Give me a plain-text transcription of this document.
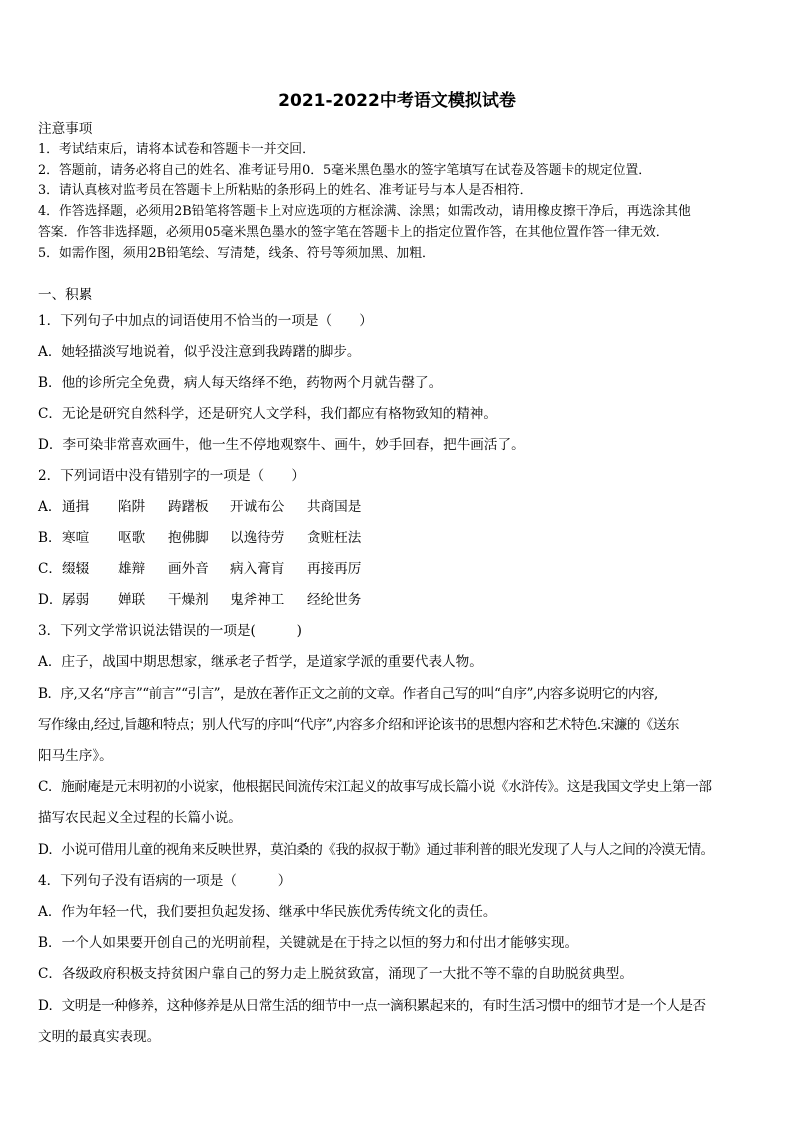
2021-2022中考语文模拟试卷
注意事项
1．考试结束后，请将本试卷和答题卡一并交回．
2．答题前，请务必将自己的姓名、准考证号用0．5毫米黑色墨水的签字笔填写在试卷及答题卡的规定位置．
3．请认真核对监考员在答题卡上所粘贴的条形码上的姓名、准考证号与本人是否相符．
4．作答选择题，必须用2B铅笔将答题卡上对应选项的方框涂满、涂黑；如需改动，请用橡皮擦干净后，再选涂其他
答案．作答非选择题，必须用05毫米黑色墨水的签字笔在答题卡上的指定位置作答，在其他位置作答一律无效．
5．如需作图，须用2B铅笔绘、写清楚，线条、符号等须加黑、加粗．
一、积累
1．下列句子中加点的词语使用不恰当的一项是（　　）
A．她轻描淡写地说着，似乎没注意到我踌躇的脚步。
B．他的诊所完全免费，病人每天络绎不绝，药物两个月就告罄了。
C．无论是研究自然科学，还是研究人文学科，我们都应有格物致知的精神。
D．李可染非常喜欢画牛，他一生不停地观察牛、画牛，妙手回春，把牛画活了。
2．下列词语中没有错别字的一项是（　　）
A． 通揖 陷阱 踌躇板 开诚布公 共商国是
B． 寒喧 呕歌 抱佛脚 以逸待劳 贪赃枉法
C． 缀辍 雄辩 画外音 病入膏肓 再接再厉
D． 孱弱 婵联 干燥剂 鬼斧神工 经纶世务
3．下列文学常识说法错误的一项是(　　　)
A．庄子，战国中期思想家，继承老子哲学，是道家学派的重要代表人物。
B．序,又名“序言”“前言”“引言”，是放在著作正文之前的文章。作者自己写的叫“自序”,内容多说明它的内容,
写作缘由,经过,旨趣和特点；别人代写的序叫“代序”,内容多介绍和评论该书的思想内容和艺术特色.宋濂的《送东
阳马生序》。
C．施耐庵是元末明初的小说家，他根据民间流传宋江起义的故事写成长篇小说《水浒传》。这是我国文学史上第一部
描写农民起义全过程的长篇小说。
D．小说可借用儿童的视角来反映世界，莫泊桑的《我的叔叔于勒》通过菲利普的眼光发现了人与人之间的冷漠无情。
4．下列句子没有语病的一项是（　　　）
A．作为年轻一代，我们要担负起发扬、继承中华民族优秀传统文化的责任。
B．一个人如果要开创自己的光明前程，关键就是在于持之以恒的努力和付出才能够实现。
C．各级政府积极支持贫困户靠自己的努力走上脱贫致富，涌现了一大批不等不靠的自助脱贫典型。
D．文明是一种修养，这种修养是从日常生活的细节中一点一滴积累起来的，有时生活习惯中的细节才是一个人是否
文明的最真实表现。
